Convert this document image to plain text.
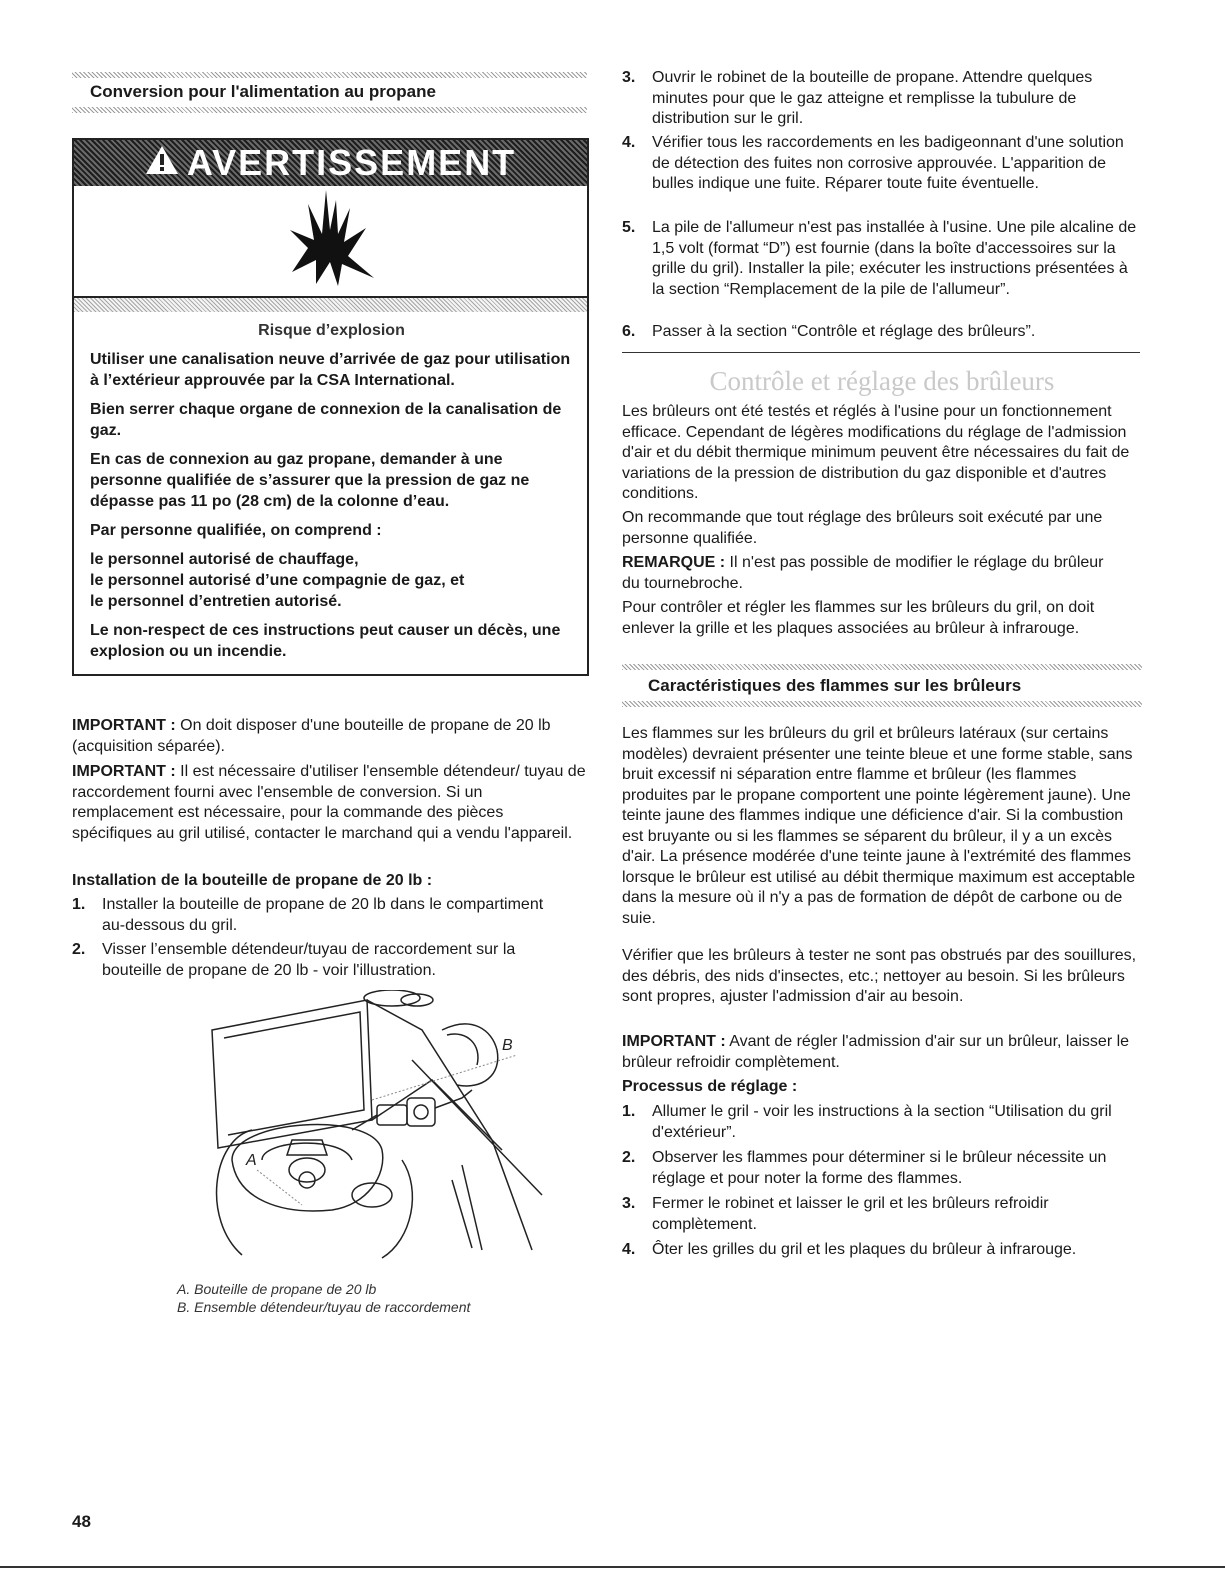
Conversion pour l'alimentation au propane
AVERTISSEMENT

Risque d’explosion

Utiliser une canalisation neuve d’arrivée de gaz pour utilisation à l’extérieur approuvée par la CSA International.

Bien serrer chaque organe de connexion de la canalisation de gaz.

En cas de connexion au gaz propane, demander à une personne qualifiée de s’assurer que la pression de gaz ne dépasse pas 11 po (28 cm) de la colonne d’eau.

Par personne qualifiée, on comprend :

le personnel autorisé de chauffage,
le personnel autorisé d’une compagnie de gaz, et
le personnel d’entretien autorisé.

Le non-respect de ces instructions peut causer un décès, une explosion ou un incendie.

IMPORTANT : On doit disposer d'une bouteille de propane de 20 lb (acquisition séparée).

IMPORTANT : Il est nécessaire d'utiliser l'ensemble détendeur/ tuyau de raccordement fourni avec l'ensemble de conversion. Si un remplacement est nécessaire, pour la commande des pièces spécifiques au gril utilisé, contacter le marchand qui a vendu l'appareil.

Installation de la bouteille de propane de 20 lb :

1. Installer la bouteille de propane de 20 lb dans le compartiment au-dessous du gril.
2. Visser l’ensemble détendeur/tuyau de raccordement sur la bouteille de propane de 20 lb - voir l'illustration.
B
A
A. Bouteille de propane de 20 lb
B. Ensemble détendeur/tuyau de raccordement
3. Ouvrir le robinet de la bouteille de propane. Attendre quelques minutes pour que le gaz atteigne et remplisse la tubulure de distribution sur le gril.
4. Vérifier tous les raccordements en les badigeonnant d'une solution de détection des fuites non corrosive approuvée. L'apparition de bulles indique une fuite. Réparer toute fuite éventuelle.
5. La pile de l'allumeur n'est pas installée à l'usine. Une pile alcaline de 1,5 volt (format “D”) est fournie (dans la boîte d'accessoires sur la grille du gril). Installer la pile; exécuter les instructions présentées à la section “Remplacement de la pile de l'allumeur”.
6. Passer à la section “Contrôle et réglage des brûleurs”.
Contrôle et réglage des brûleurs

Les brûleurs ont été testés et réglés à l'usine pour un fonctionnement efficace. Cependant de légères modifications du réglage de l'admission d'air et du débit thermique minimum peuvent être nécessaires du fait de variations de la pression de distribution du gaz disponible et d'autres conditions.

On recommande que tout réglage des brûleurs soit exécuté par une personne qualifiée.

REMARQUE : Il n'est pas possible de modifier le réglage du brûleur du tournebroche.

Pour contrôler et régler les flammes sur les brûleurs du gril, on doit enlever la grille et les plaques associées au brûleur à infrarouge.

Caractéristiques des flammes sur les brûleurs

Les flammes sur les brûleurs du gril et brûleurs latéraux (sur certains modèles) devraient présenter une teinte bleue et une forme stable, sans bruit excessif ni séparation entre flamme et brûleur (les flammes produites par le propane comportent une pointe légèrement jaune). Une teinte jaune des flammes indique une déficience d'air. Si la combustion est bruyante ou si les flammes se séparent du brûleur, il y a un excès d'air. La présence modérée d'une teinte jaune à l'extrémité des flammes lorsque le brûleur est utilisé au débit thermique maximum est acceptable dans la mesure où il n'y a pas de formation de dépôt de carbone ou de suie.

Vérifier que les brûleurs à tester ne sont pas obstrués par des souillures, des débris, des nids d'insectes, etc.; nettoyer au besoin. Si les brûleurs sont propres, ajuster l'admission d'air au besoin.

IMPORTANT : Avant de régler l'admission d'air sur un brûleur, laisser le brûleur refroidir complètement.

Processus de réglage :

1. Allumer le gril - voir les instructions à la section “Utilisation du gril d'extérieur”.
2. Observer les flammes pour déterminer si le brûleur nécessite un réglage et pour noter la forme des flammes.
3. Fermer le robinet et laisser le gril et les brûleurs refroidir complètement.
4. Ôter les grilles du gril et les plaques du brûleur à infrarouge.
48
